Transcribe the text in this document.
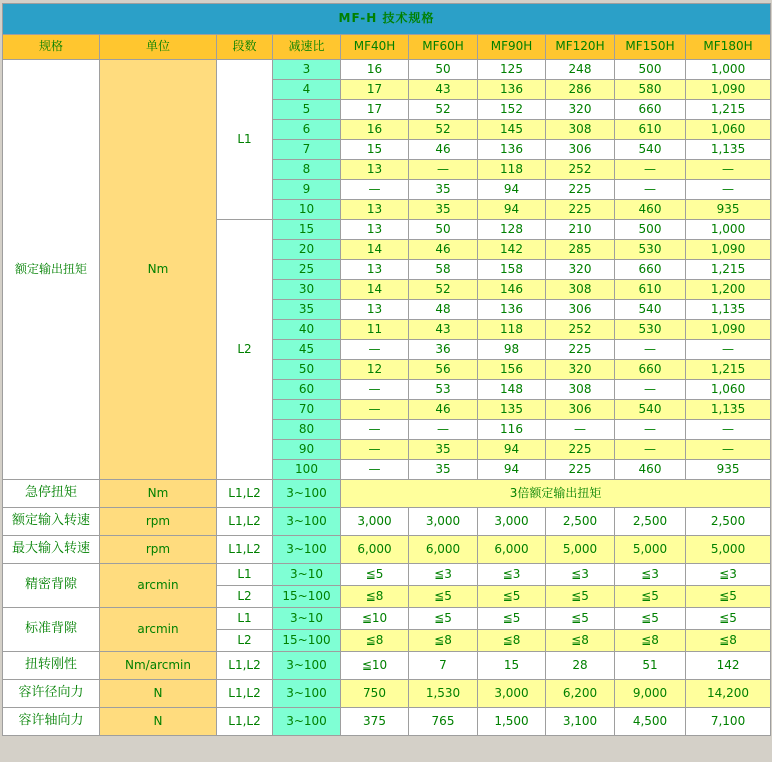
MF-H 技术规格									
规格	单位	段数	减速比	MF40H	MF60H	MF90H	MF120H	MF150H	MF180H
额定输出扭矩	Nm	L1	3	16	50	125	248	500	1,000
			4	17	43	136	286	580	1,090
			5	17	52	152	320	660	1,215
			6	16	52	145	308	610	1,060
			7	15	46	136	306	540	1,135
			8	13	—	118	252	—	—
			9	—	35	94	225	—	—
			10	13	35	94	225	460	935
		L2	15	13	50	128	210	500	1,000
			20	14	46	142	285	530	1,090
			25	13	58	158	320	660	1,215
			30	14	52	146	308	610	1,200
			35	13	48	136	306	540	1,135
			40	11	43	118	252	530	1,090
			45	—	36	98	225	—	—
			50	12	56	156	320	660	1,215
			60	—	53	148	308	—	1,060
			70	—	46	135	306	540	1,135
			80	—	—	116	—	—	—
			90	—	35	94	225	—	—
			100	—	35	94	225	460	935
急停扭矩	Nm	L1,L2	3~100	3倍额定输出扭矩					
额定输入转速	rpm	L1,L2	3~100	3,000	3,000	3,000	2,500	2,500	2,500
最大输入转速	rpm	L1,L2	3~100	6,000	6,000	6,000	5,000	5,000	5,000
精密背隙	arcmin	L1	3~10	≦5	≦3	≦3	≦3	≦3	≦3
		L2	15~100	≦8	≦5	≦5	≦5	≦5	≦5
标准背隙	arcmin	L1	3~10	≦10	≦5	≦5	≦5	≦5	≦5
		L2	15~100	≦8	≦8	≦8	≦8	≦8	≦8
扭转刚性	Nm/arcmin	L1,L2	3~100	≦10	7	15	28	51	142
容许径向力	N	L1,L2	3~100	750	1,530	3,000	6,200	9,000	14,200
容许轴向力	N	L1,L2	3~100	375	765	1,500	3,100	4,500	7,100
